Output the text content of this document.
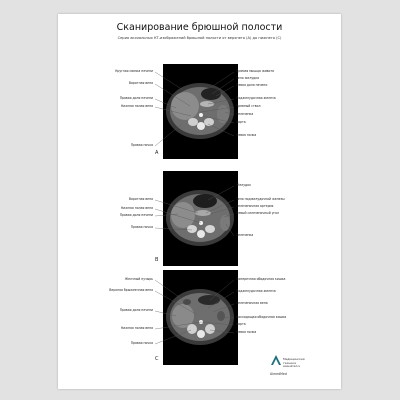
Сканирование брюшной полости
Серия аксиальных КТ-изображений брюшной полости от верхнего (А) до нижнего (С)
A
B
C
Круглая связка печени
Воротная вена
Правая доля печени
Нижняя полая вена
Правая почка
Прямая мышца живота
Тело желудка
Левая доля печени
Поджелудочная железа
Чревный ствол
Селезенка
Аорта
Левая почка
Воротная вена
Нижняя полая вена
Правая доля печени
Правая почка
Желудок
Тело поджелудочной железы
Селезеночная артерия
Левый селезеночный угол
Селезенка
Желчный пузырь
Верхняя брыжеечная вена
Правая доля печени
Нижняя полая вена
Правая почка
Поперечная ободочная кишка
Поджелудочная железа
Селезеночная вена
Нисходящая ободочная кишка
Аорта
Левая почка
Медицинская
техника
www.almed.ru
AlmedMed
